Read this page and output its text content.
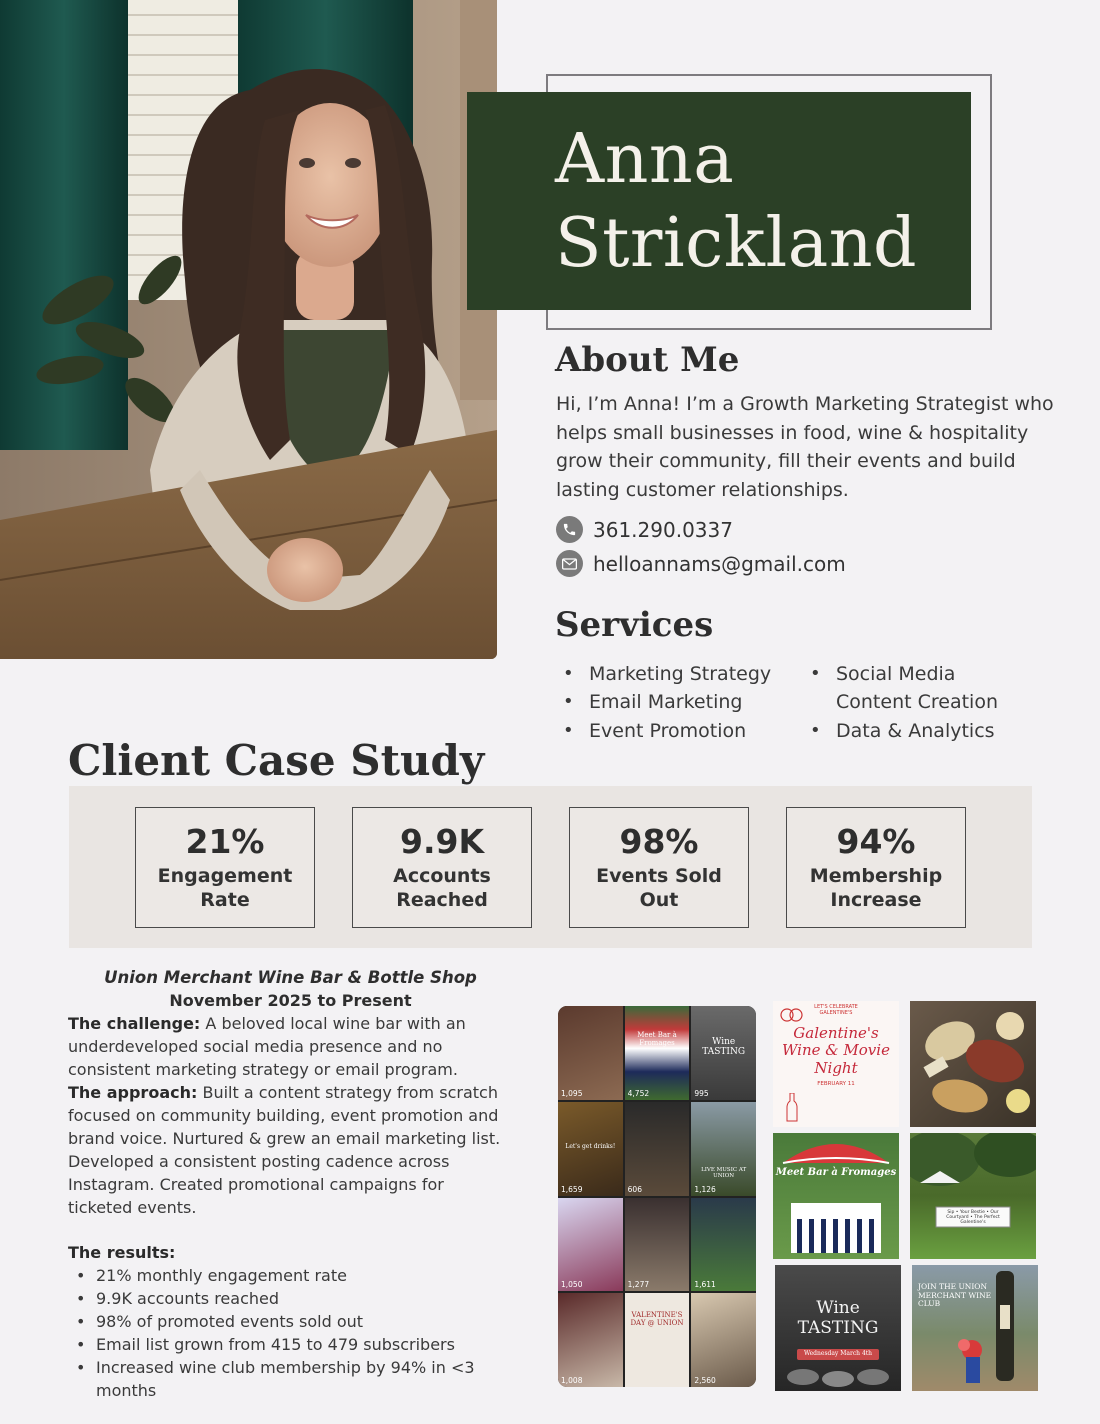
Anna
Strickland
About Me

Hi, I’m Anna! I’m a Growth Marketing Strategist who helps small businesses in food, wine & hospitality grow their community, fill their events and build lasting customer relationships.

361.290.0337
helloannams@gmail.com
Services
• Marketing Strategy
• Email Marketing
• Event Promotion
• Social Media Content Creation
• Data & Analytics
Client Case Study
21%
Engagement Rate
9.9K
Accounts Reached
98%
Events Sold Out
94%
Membership Increase
Union Merchant Wine Bar & Bottle Shop
November 2025 to Present

The challenge: A beloved local wine bar with an underdeveloped social media presence and no consistent marketing strategy or email program.

The approach: Built a content strategy from scratch focused on community building, event promotion and brand voice. Nurtured & grew an email marketing list. Developed a consistent posting cadence across Instagram. Created promotional campaigns for ticketed events.

The results:
• 21% monthly engagement rate
• 9.9K accounts reached
• 98% of promoted events sold out
• Email list grown from 415 to 479 subscribers
• Increased wine club membership by 94% in <3 months
1,095
Meet Bar à Fromages
4,752
Wine TASTING
995
Let's get drinks!
1,659	606
LIVE MUSIC AT UNION
1,126
1,050	1,277	1,611
1,008
VALENTINE'S DAY @ UNION
2,560
LET'S CELEBRATE GALENTINE'S
Galentine's Wine & Movie Night
FEBRUARY 11
Meet Bar à Fromages
Sip • Your Bestie • Our Courtyard • The Perfect Galentine's
Wine TASTING
Wednesday March 4th
JOIN THE UNION MERCHANT WINE CLUB
